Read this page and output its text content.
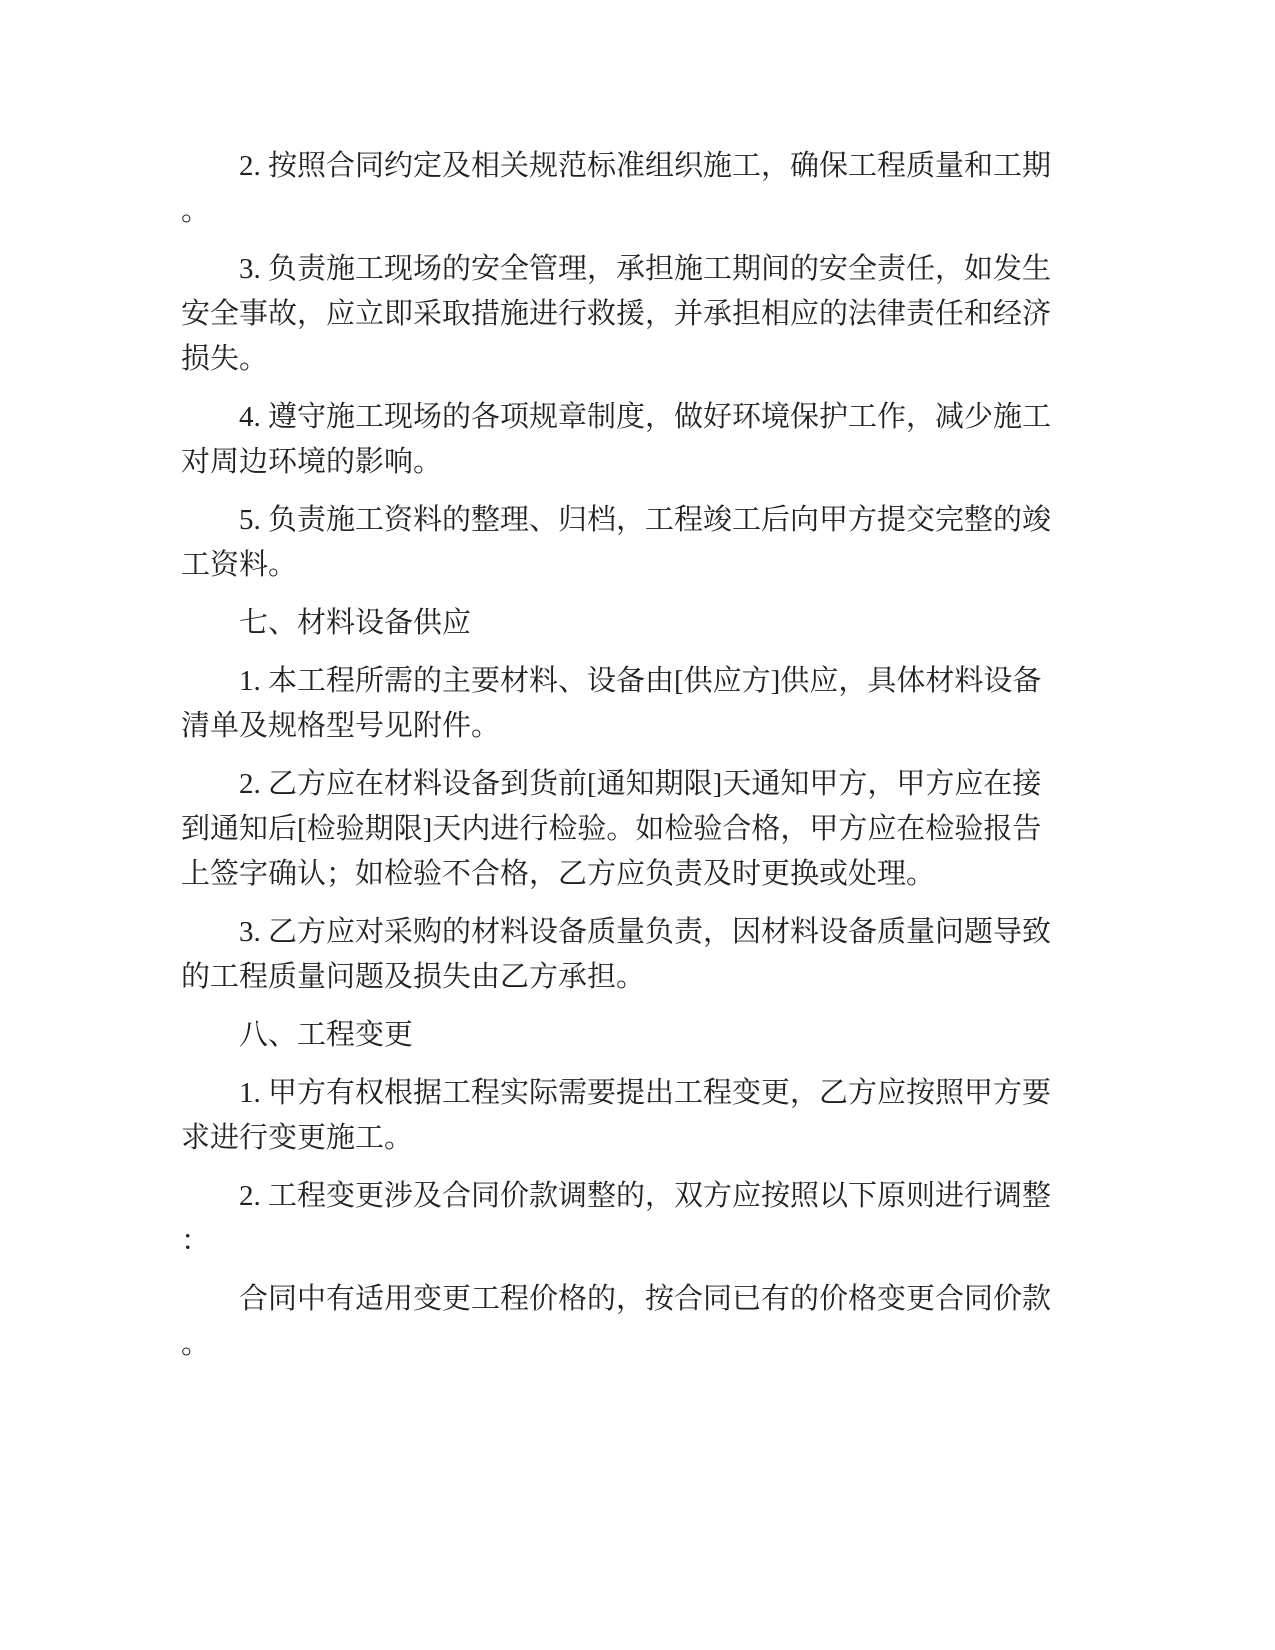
2. 按照合同约定及相关规范标准组织施工，确保工程质量和工期
。

3. 负责施工现场的安全管理，承担施工期间的安全责任，如发生
安全事故，应立即采取措施进行救援，并承担相应的法律责任和经济
损失。

4. 遵守施工现场的各项规章制度，做好环境保护工作，减少施工
对周边环境的影响。

5. 负责施工资料的整理、归档，工程竣工后向甲方提交完整的竣
工资料。

七、材料设备供应

1. 本工程所需的主要材料、设备由[供应方]供应，具体材料设备
清单及规格型号见附件。

2. 乙方应在材料设备到货前[通知期限]天通知甲方，甲方应在接
到通知后[检验期限]天内进行检验。如检验合格，甲方应在检验报告
上签字确认；如检验不合格，乙方应负责及时更换或处理。

3. 乙方应对采购的材料设备质量负责，因材料设备质量问题导致
的工程质量问题及损失由乙方承担。

八、工程变更

1. 甲方有权根据工程实际需要提出工程变更，乙方应按照甲方要
求进行变更施工。

2. 工程变更涉及合同价款调整的，双方应按照以下原则进行调整
：

合同中有适用变更工程价格的，按合同已有的价格变更合同价款
。
